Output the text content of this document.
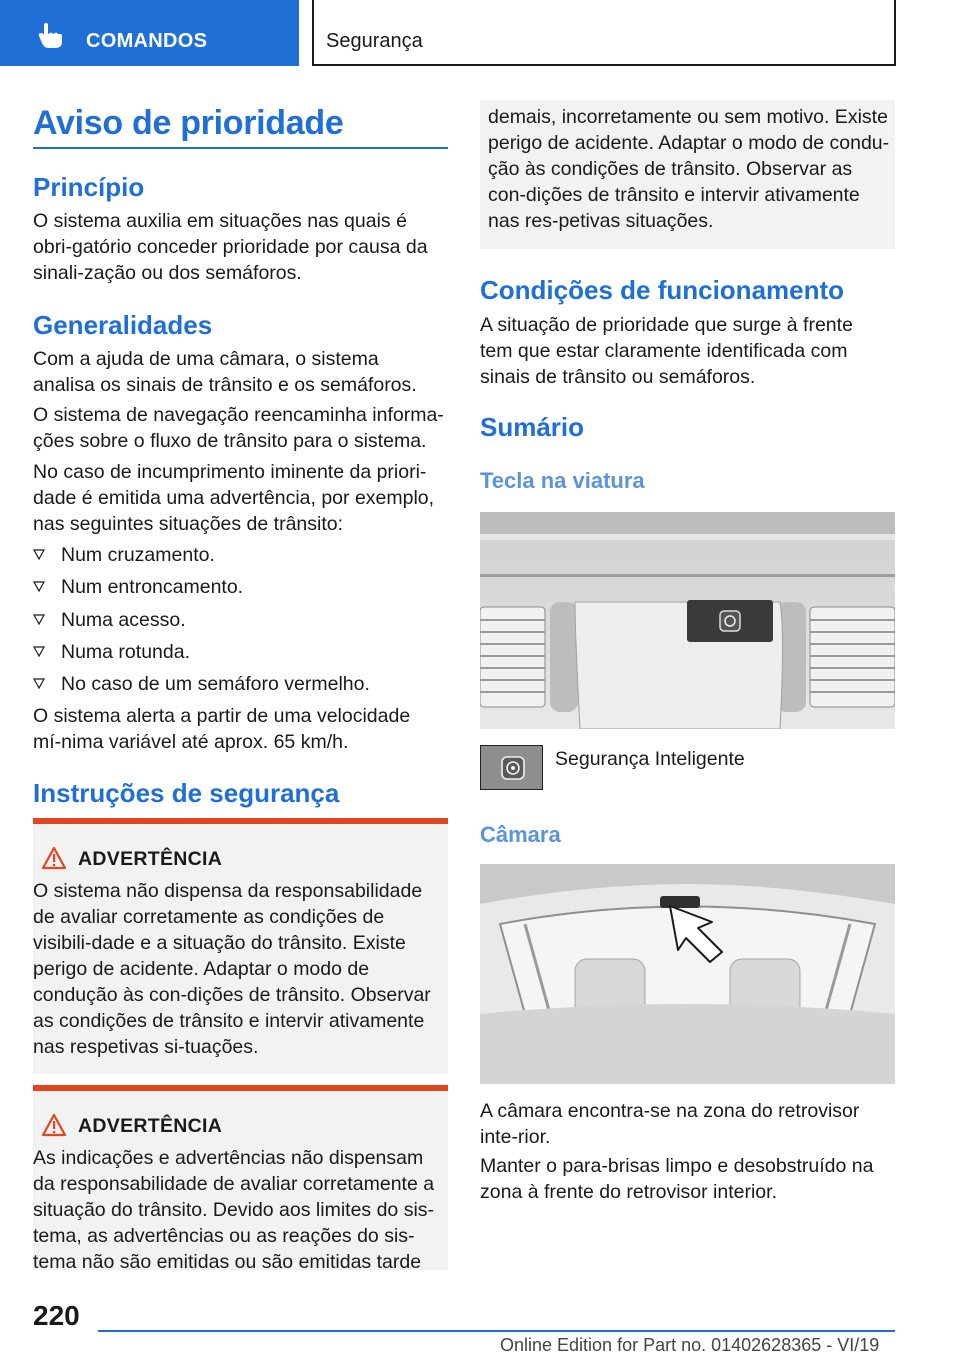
COMANDOS	Segurança
Aviso de prioridade
Princípio

O sistema auxilia em situações nas quais é obri-gatório conceder prioridade por causa da sinali-zação ou dos semáforos.

Generalidades

Com a ajuda de uma câmara, o sistema analisa os sinais de trânsito e os semáforos.

O sistema de navegação reencaminha informa-ções sobre o fluxo de trânsito para o sistema.

No caso de incumprimento iminente da priori-dade é emitida uma advertência, por exemplo, nas seguintes situações de trânsito:

Num cruzamento.
Num entroncamento.
Numa acesso.
Numa rotunda.
No caso de um semáforo vermelho.

O sistema alerta a partir de uma velocidade mí-nima variável até aprox. 65 km/h.

Instruções de segurança
ADVERTÊNCIA

O sistema não dispensa da responsabilidade de avaliar corretamente as condições de visibili-dade e a situação do trânsito. Existe perigo de acidente. Adaptar o modo de condução às con-dições de trânsito. Observar as condições de trânsito e intervir ativamente nas respetivas si-tuações.

ADVERTÊNCIA

As indicações e advertências não dispensam da responsabilidade de avaliar corretamente a situação do trânsito. Devido aos limites do sis-tema, as advertências ou as reações do sis-tema não são emitidas ou são emitidas tarde

demais, incorretamente ou sem motivo. Existe perigo de acidente. Adaptar o modo de condu-ção às condições de trânsito. Observar as con-dições de trânsito e intervir ativamente nas res-petivas situações.

Condições de funcionamento

A situação de prioridade que surge à frente tem que estar claramente identificada com sinais de trânsito ou semáforos.

Sumário
Tecla na viatura

Segurança Inteligente

Câmara

A câmara encontra-se na zona do retrovisor inte-rior.

Manter o para-brisas limpo e desobstruído na zona à frente do retrovisor interior.

220
Online Edition for Part no. 01402628365 - VI/19
